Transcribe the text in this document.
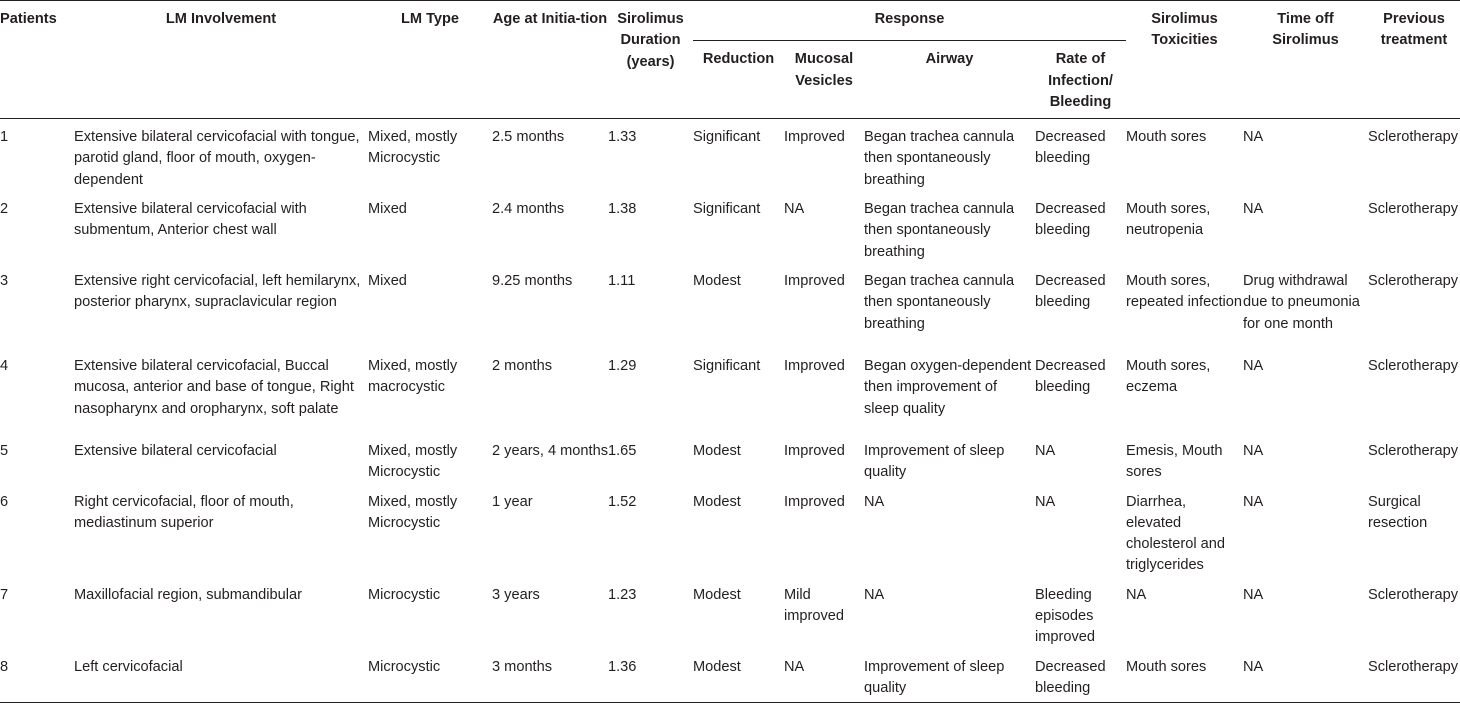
Patients	LM Involvement	LM Type	Age at Initia-tion	Sirolimus Duration (years)	Response				Sirolimus Toxicities	Time off Sirolimus	Previous treatment
					Reduction	Mucosal Vesicles	Airway	Rate of Infection/ Bleeding			
1	Extensive bilateral cervicofacial with tongue, parotid gland, floor of mouth, oxygen-dependent	Mixed, mostly Microcystic	2.5 months	1.33	Significant	Improved	Began trachea cannula then spontaneously breathing	Decreased bleeding	Mouth sores	NA	Sclerotherapy
2	Extensive bilateral cervicofacial with submentum, Anterior chest wall	Mixed	2.4 months	1.38	Significant	NA	Began trachea cannula then spontaneously breathing	Decreased bleeding	Mouth sores, neutropenia	NA	Sclerotherapy
3	Extensive right cervicofacial, left hemilarynx, posterior pharynx, supraclavicular region	Mixed	9.25 months	1.11	Modest	Improved	Began trachea cannula then spontaneously breathing	Decreased bleeding	Mouth sores, repeated infection	Drug withdrawal due to pneumonia for one month	Sclerotherapy
4	Extensive bilateral cervicofacial, Buccal mucosa, anterior and base of tongue, Right nasopharynx and oropharynx, soft palate	Mixed, mostly macrocystic	2 months	1.29	Significant	Improved	Began oxygen-dependent then improvement of sleep quality	Decreased bleeding	Mouth sores, eczema	NA	Sclerotherapy
5	Extensive bilateral cervicofacial	Mixed, mostly Microcystic	2 years, 4 months	1.65	Modest	Improved	Improvement of sleep quality	NA	Emesis, Mouth sores	NA	Sclerotherapy
6	Right cervicofacial, floor of mouth, mediastinum superior	Mixed, mostly Microcystic	1 year	1.52	Modest	Improved	NA	NA	Diarrhea, elevated cholesterol and triglycerides	NA	Surgical resection
7	Maxillofacial region, submandibular	Microcystic	3 years	1.23	Modest	Mild improved	NA	Bleeding episodes improved	NA	NA	Sclerotherapy
8	Left cervicofacial	Microcystic	3 months	1.36	Modest	NA	Improvement of sleep quality	Decreased bleeding	Mouth sores	NA	Sclerotherapy
